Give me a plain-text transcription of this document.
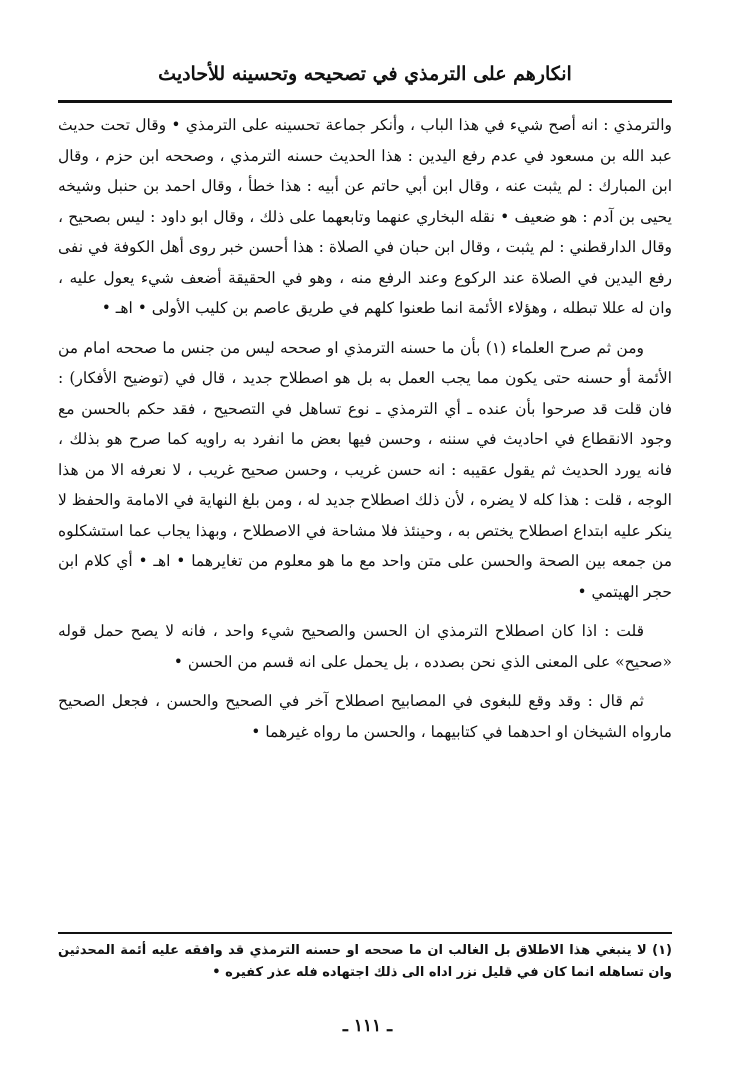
انكارهم على الترمذي في تصحيحه وتحسينه للأحاديث

والترمذي : انه أصح شيء في هذا الباب ، وأنكر جماعة تحسينه على الترمذي • وقال تحت حديث عبد الله بن مسعود في عدم رفع اليدين : هذا الحديث حسنه الترمذي ، وصححه ابن حزم ، وقال ابن المبارك : لم يثبت عنه ، وقال ابن أبي حاتم عن أبيه : هذا خطأ ، وقال احمد بن حنبل وشيخه يحيى بن آدم : هو ضعيف • نقله البخاري عنهما وتابعهما على ذلك ، وقال ابو داود : ليس بصحيح ، وقال الدارقطني : لم يثبت ، وقال ابن حبان في الصلاة : هذا أحسن خبر روى أهل الكوفة في نفى رفع اليدين في الصلاة عند الركوع وعند الرفع منه ، وهو في الحقيقة أضعف شيء يعول عليه ، وان له عللا تبطله ، وهؤلاء الأئمة انما طعنوا كلهم في طريق عاصم بن كليب الأولى • اهـ •

ومن ثم صرح العلماء (١) بأن ما حسنه الترمذي او صححه ليس من جنس ما صححه امام من الأئمة أو حسنه حتى يكون مما يجب العمل به بل هو اصطلاح جديد ، قال في (توضيح الأفكار) : فان قلت قد صرحوا بأن عنده ـ أي الترمذي ـ نوع تساهل في التصحيح ، فقد حكم بالحسن مع وجود الانقطاع في احاديث في سننه ، وحسن فيها بعض ما انفرد به راويه كما صرح هو بذلك ، فانه يورد الحديث ثم يقول عقيبه : انه حسن غريب ، وحسن صحيح غريب ، لا نعرفه الا من هذا الوجه ، قلت : هذا كله لا يضره ، لأن ذلك اصطلاح جديد له ، ومن بلغ النهاية في الامامة والحفظ لا ينكر عليه ابتداع اصطلاح يختص به ، وحينئذ فلا مشاحة في الاصطلاح ، وبهذا يجاب عما استشكلوه من جمعه بين الصحة والحسن على متن واحد مع ما هو معلوم من تغايرهما • اهـ • أي كلام ابن حجر الهيتمي •

قلت : اذا كان اصطلاح الترمذي ان الحسن والصحيح شيء واحد ، فانه لا يصح حمل قوله «صحيح» على المعنى الذي نحن بصدده ، بل يحمل على انه قسم من الحسن •

ثم قال : وقد وقع للبغوى في المصابيح اصطلاح آخر في الصحيح والحسن ، فجعل الصحيح مارواه الشيخان او احدهما في كتابيهما ، والحسن ما رواه غيرهما •

(١) لا ينبغي هذا الاطلاق بل الغالب ان ما صححه او حسنه الترمذي قد وافقه عليه أئمة المحدثين وان تساهله انما كان في قليل نزر اداه الى ذلك اجتهاده فله عذر كفيره •
ـ ١١١ ـ
